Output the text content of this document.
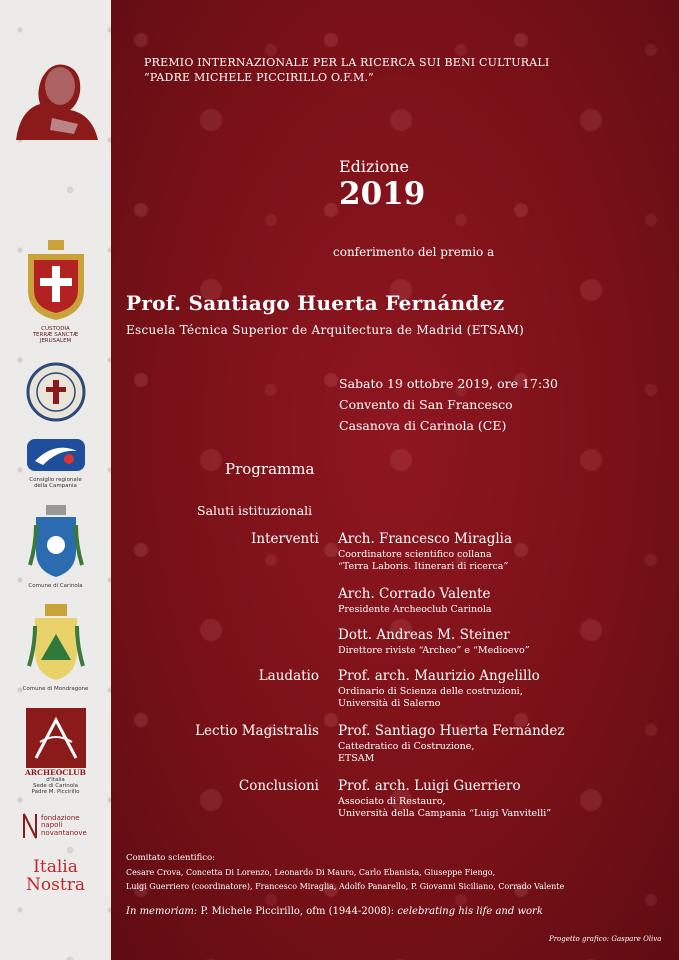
CUSTODIA
TERRÆ SANCTÆ
JERUSALEM
Consiglio regionale
della Campania
Comune di Carinola
Comune di Mondragone
ARCHEOCLUB
d'Italia
Sede di Carinola
Padre M. Piccirillo
fondazione
napoli
novantanove
Italia
Nostra
PREMIO INTERNAZIONALE PER LA RICERCA SUI BENI CULTURALI
“PADRE MICHELE PICCIRILLO O.F.M.”
Edizione
2019
conferimento del premio a
Prof. Santiago Huerta Fernández
Escuela Técnica Superior de Arquitectura de Madrid (ETSAM)
Sabato 19 ottobre 2019, ore 17:30
Convento di San Francesco
Casanova di Carinola (CE)
Programma
Saluti istituzionali
Interventi Arch. Francesco Miraglia
Coordinatore scientifico collana
“Terra Laboris. Itinerari di ricerca”
Arch. Corrado Valente
Presidente Archeoclub Carinola
Dott. Andreas M. Steiner
Direttore riviste “Archeo” e “Medioevo”
Laudatio Prof. arch. Maurizio Angelillo
Ordinario di Scienza delle costruzioni,
Università di Salerno
Lectio Magistralis Prof. Santiago Huerta Fernández
Cattedratico di Costruzione,
ETSAM
Conclusioni Prof. arch. Luigi Guerriero
Associato di Restauro,
Università della Campania “Luigi Vanvitelli”
Comitato scientifico:
Cesare Crova, Concetta Di Lorenzo, Leonardo Di Mauro, Carlo Ebanista, Giuseppe Fiengo,
Luigi Guerriero (coordinatore), Francesco Miraglia, Adolfo Panarello, P. Giovanni Siciliano, Corrado Valente
In memoriam: P. Michele Piccirillo, ofm (1944-2008): celebrating his life and work
Progetto grafico: Gaspare Oliva
